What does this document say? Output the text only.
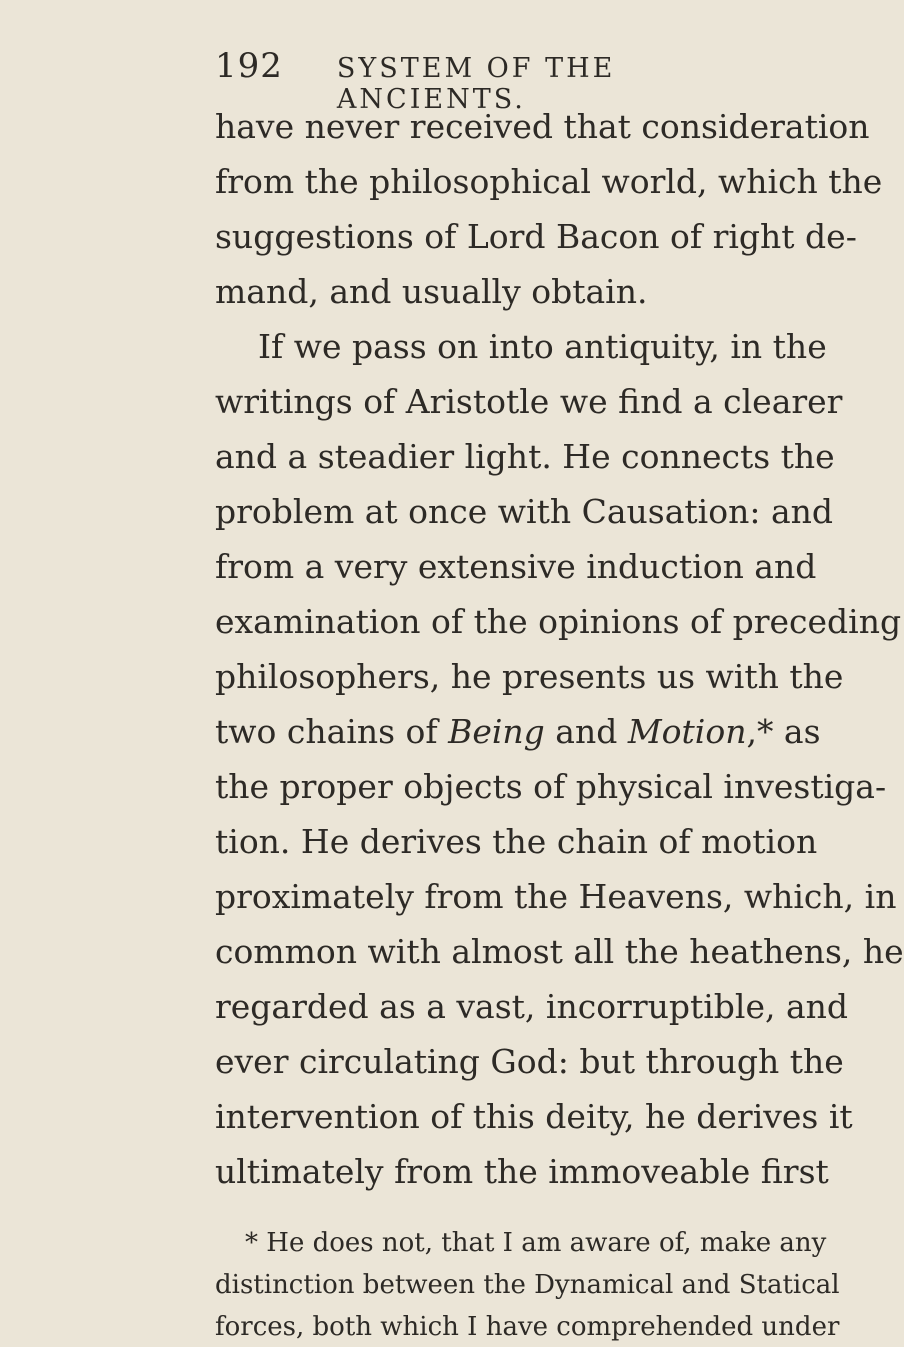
192 SYSTEM OF THE ANCIENTS.
have never received that consideration
from the philosophical world, which the
suggestions of Lord Bacon of right de-
mand, and usually obtain.
If we pass on into antiquity, in the
writings of Aristotle we find a clearer
and a steadier light. He connects the
problem at once with Causation: and
from a very extensive induction and
examination of the opinions of preceding
philosophers, he presents us with the
two chains of Being and Motion,* as
the proper objects of physical investiga-
tion. He derives the chain of motion
proximately from the Heavens, which, in
common with almost all the heathens, he
regarded as a vast, incorruptible, and
ever circulating God: but through the
intervention of this deity, he derives it
ultimately from the immoveable first
* He does not, that I am aware of, make any
distinction between the Dynamical and Statical
forces, both which I have comprehended under
